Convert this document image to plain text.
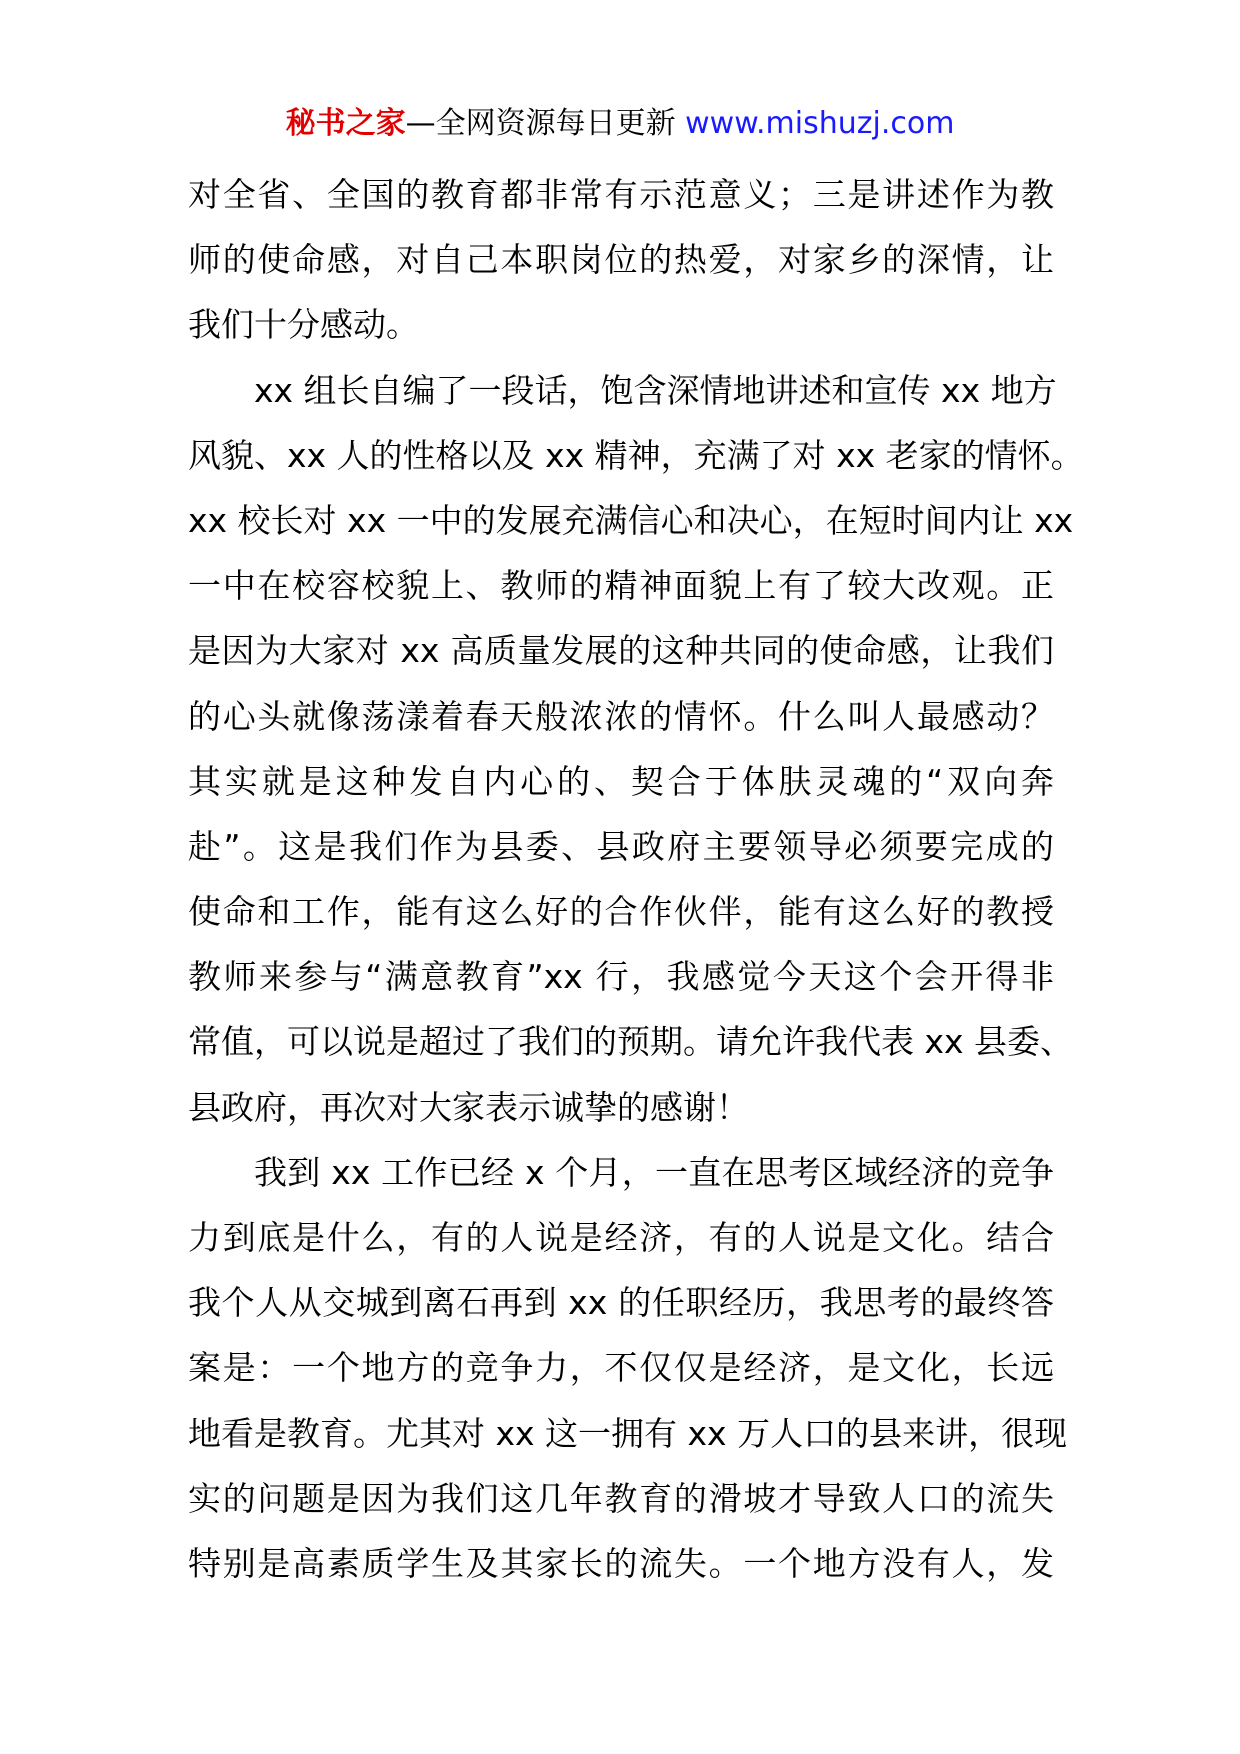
秘书之家—全网资源每日更新 www.mishuzj.com
对全省、全国的教育都非常有示范意义；三是讲述作为教
师的使命感，对自己本职岗位的热爱，对家乡的深情，让
我们十分感动。
xx 组长自编了一段话，饱含深情地讲述和宣传 xx 地方
风貌、xx 人的性格以及 xx 精神，充满了对 xx 老家的情怀。
xx 校长对 xx 一中的发展充满信心和决心，在短时间内让 xx
一中在校容校貌上、教师的精神面貌上有了较大改观。正
是因为大家对 xx 高质量发展的这种共同的使命感，让我们
的心头就像荡漾着春天般浓浓的情怀。什么叫人最感动？
其实就是这种发自内心的、契合于体肤灵魂的“双向奔
赴”。这是我们作为县委、县政府主要领导必须要完成的
使命和工作，能有这么好的合作伙伴，能有这么好的教授
教师来参与“满意教育”xx 行，我感觉今天这个会开得非
常值，可以说是超过了我们的预期。请允许我代表 xx 县委、
县政府，再次对大家表示诚挚的感谢！
我到 xx 工作已经 x 个月，一直在思考区域经济的竞争
力到底是什么，有的人说是经济，有的人说是文化。结合
我个人从交城到离石再到 xx 的任职经历，我思考的最终答
案是：一个地方的竞争力，不仅仅是经济，是文化，长远
地看是教育。尤其对 xx 这一拥有 xx 万人口的县来讲，很现
实的问题是因为我们这几年教育的滑坡才导致人口的流失
特别是高素质学生及其家长的流失。一个地方没有人，发
